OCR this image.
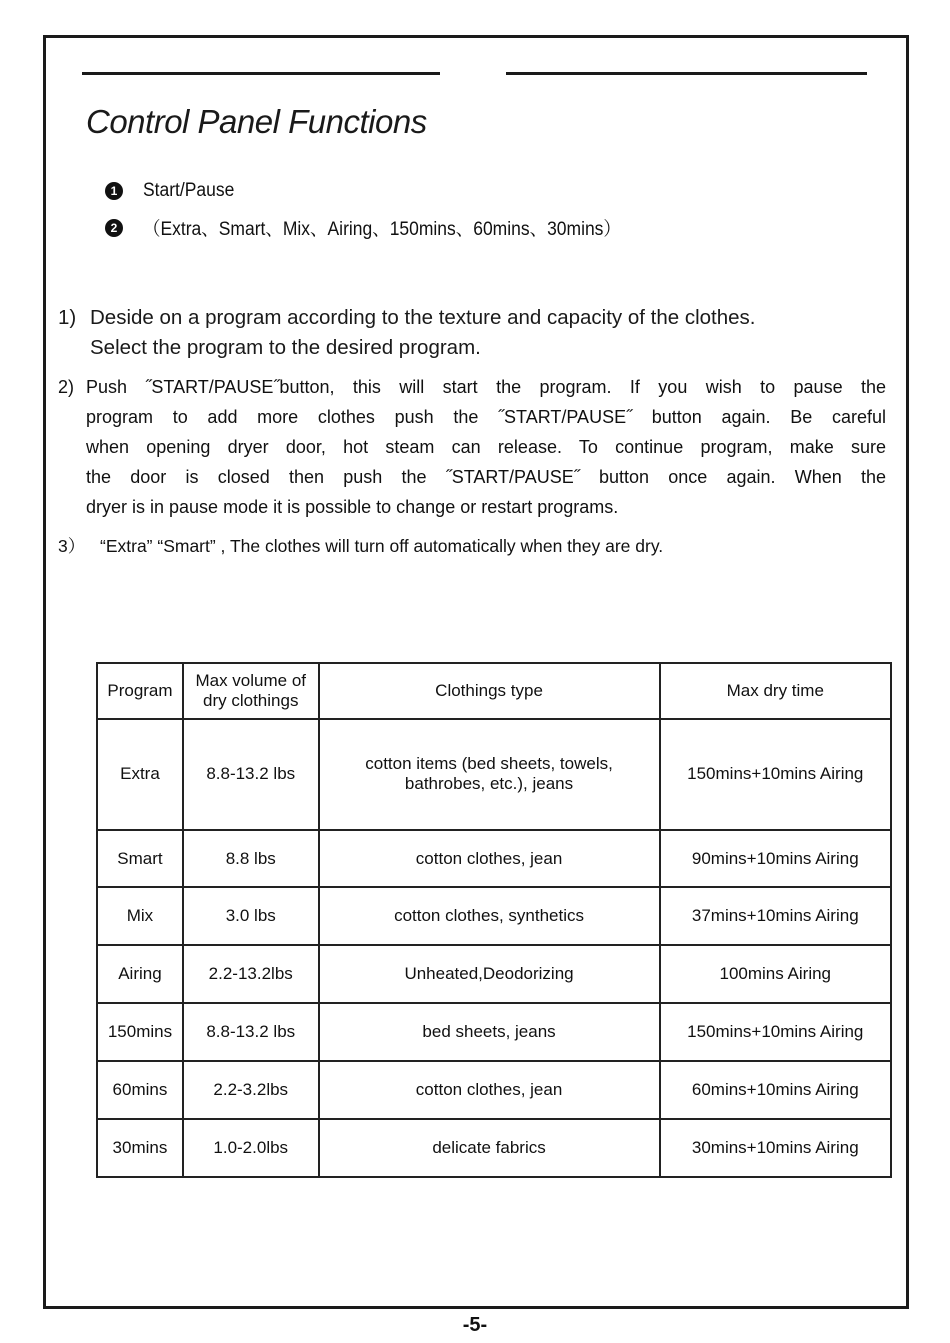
Control Panel Functions
1 Start/Pause
2 （Extra、Smart、Mix、Airing、150mins、60mins、30mins）
1) Deside on a program according to the texture and capacity of the clothes.
Select the program to the desired program.
2) Push ˝START/PAUSE˝button, this will start the program. If you wish to pause the
program to add more clothes push the ˝START/PAUSE˝ button again. Be careful
when opening dryer door, hot steam can release. To continue program, make sure
the door is closed then push the ˝START/PAUSE˝ button once again. When the
dryer is in pause mode it is possible to change or restart programs.
3） “Extra” “Smart” , The clothes will turn off automatically when they are dry.
Program	Max volume of dry clothings	Clothings type	Max dry time
Extra	8.8-13.2 lbs	cotton items (bed sheets, towels, bathrobes, etc.), jeans	150mins+10mins Airing
Smart	8.8 lbs	cotton clothes, jean	90mins+10mins Airing
Mix	3.0 lbs	cotton clothes, synthetics	37mins+10mins Airing
Airing	2.2-13.2lbs	Unheated,Deodorizing	100mins Airing
150mins	8.8-13.2 lbs	bed sheets, jeans	150mins+10mins Airing
60mins	2.2-3.2lbs	cotton clothes, jean	60mins+10mins Airing
30mins	1.0-2.0lbs	delicate fabrics	30mins+10mins Airing
-5-
